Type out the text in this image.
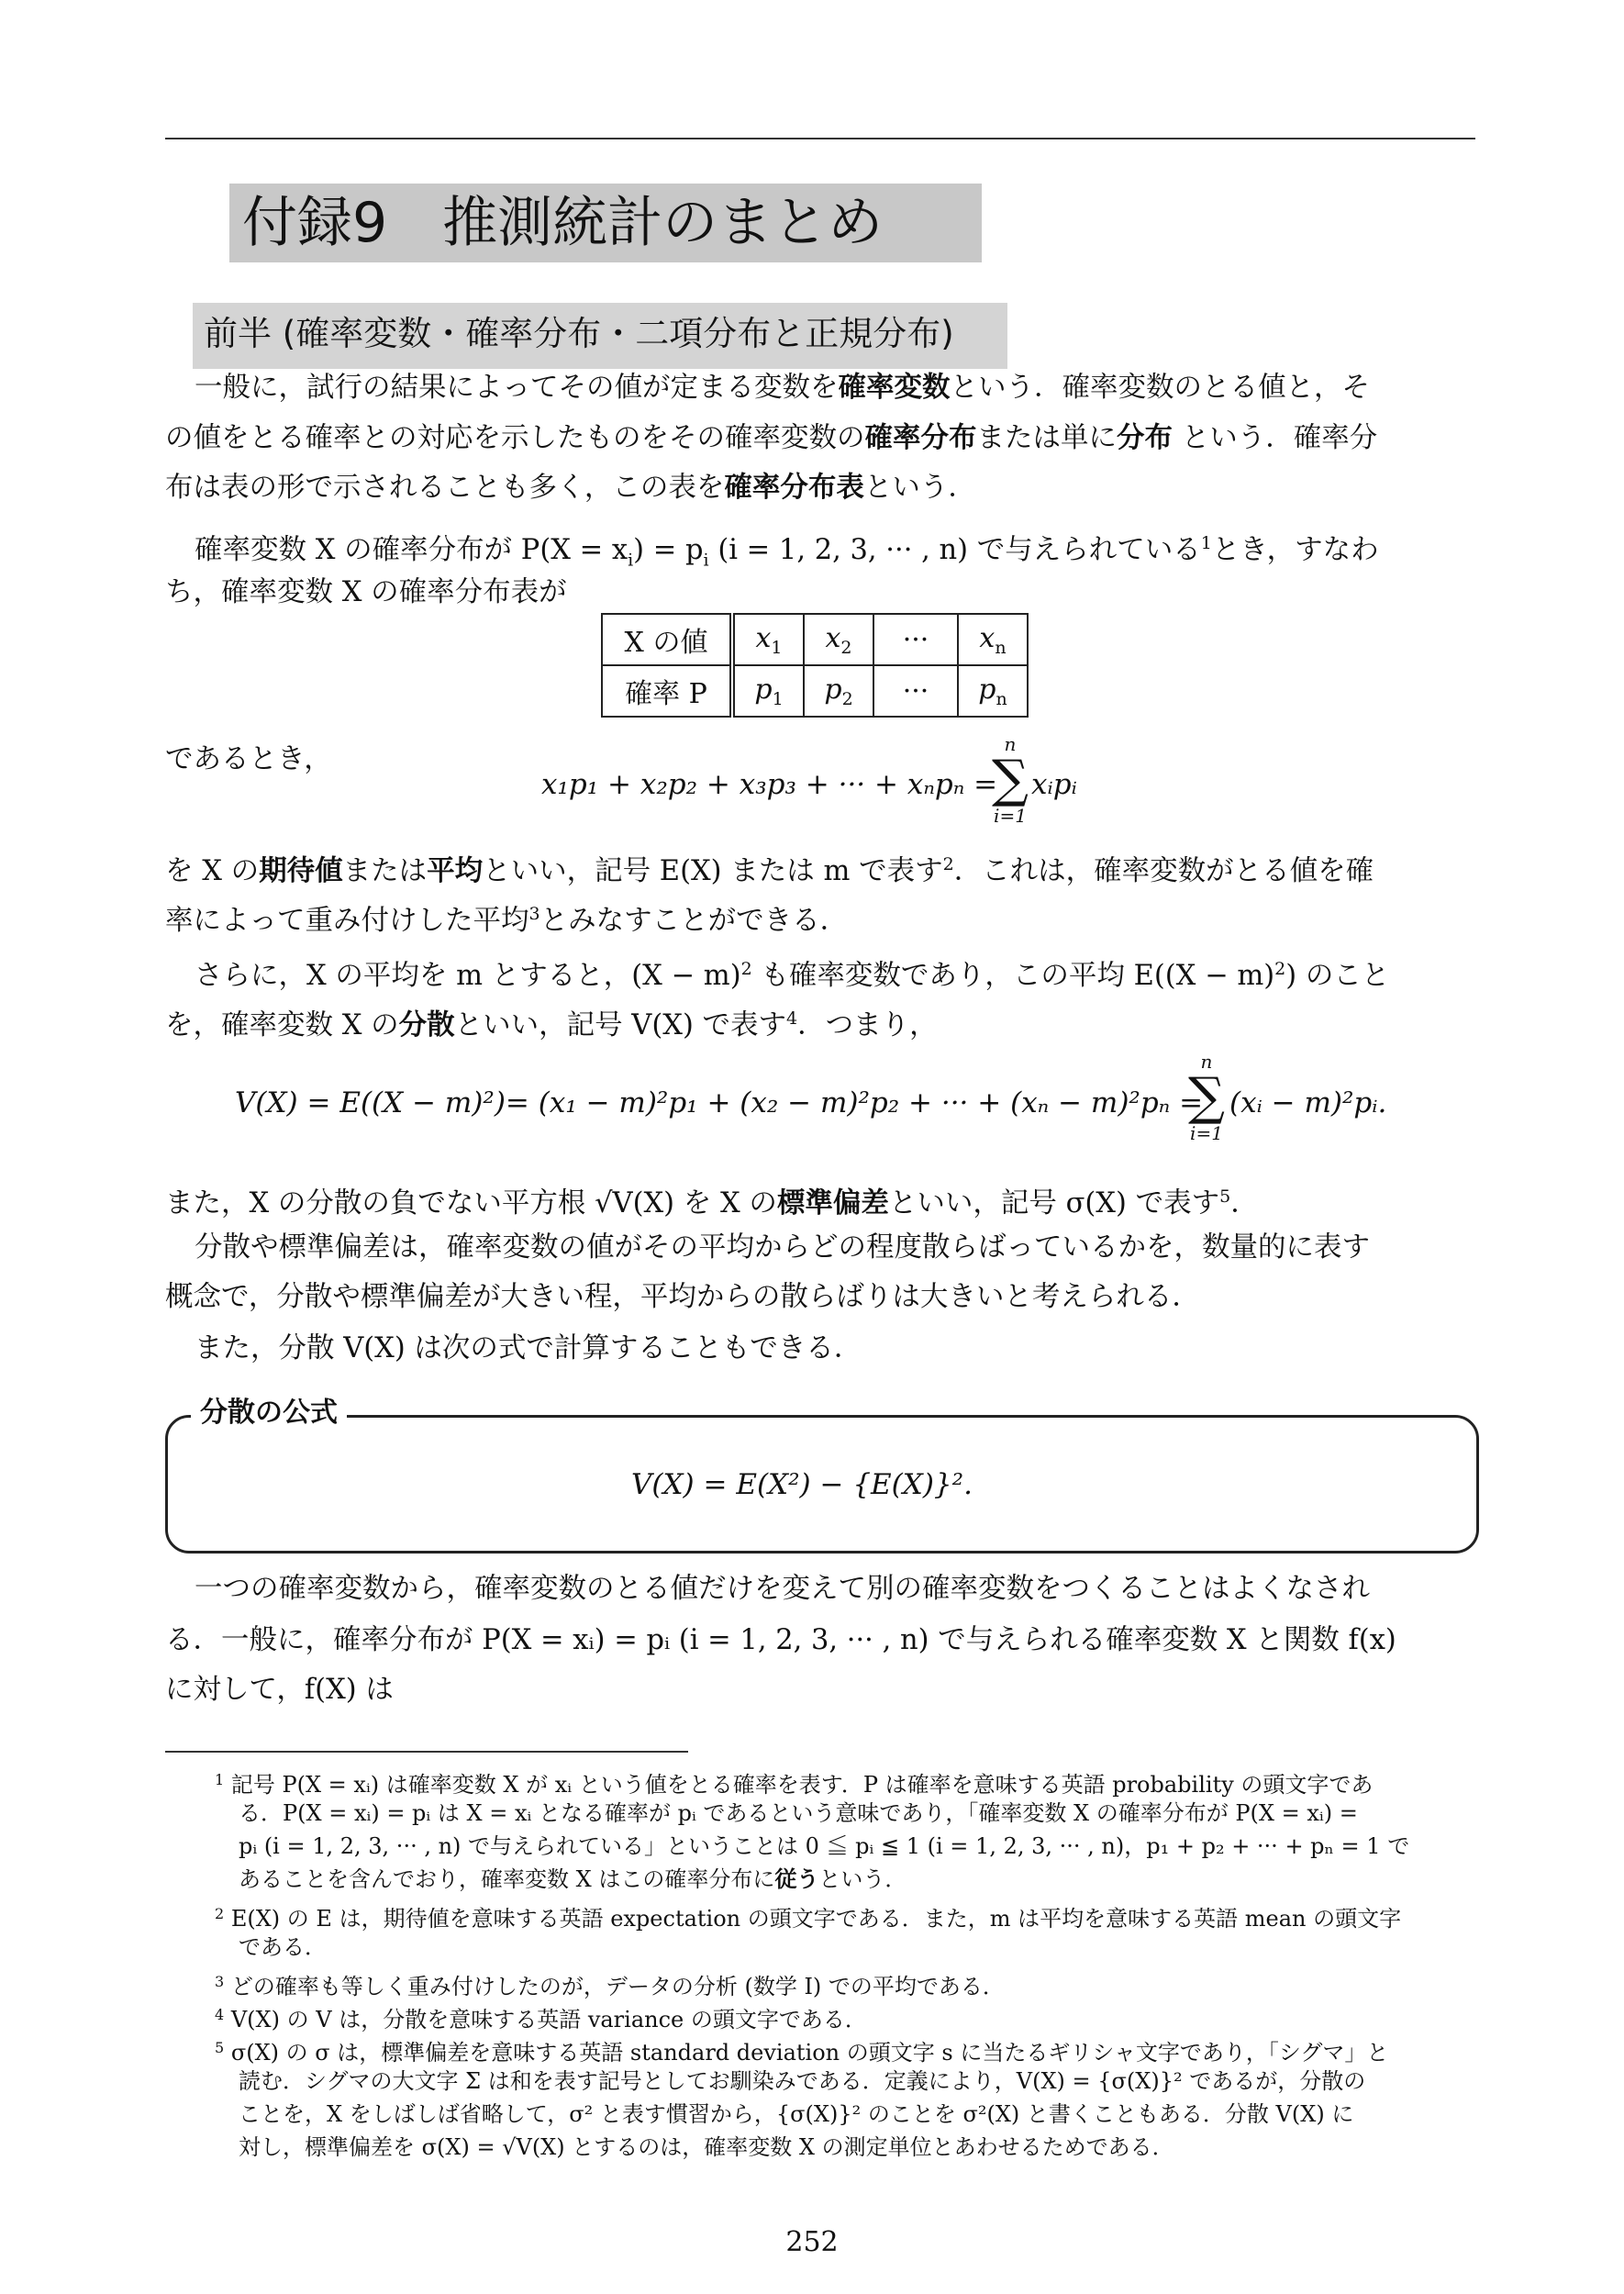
付録9　推測統計のまとめ
前半 (確率変数・確率分布・二項分布と正規分布)
一般に，試行の結果によってその値が定まる変数を確率変数という．確率変数のとる値と，そ
の値をとる確率との対応を示したものをその確率変数の確率分布または単に分布 という．確率分
布は表の形で示されることも多く，この表を確率分布表という．
確率変数 X の確率分布が $P(X = x_i) = p_i$ (i = 1, 2, 3, ··· , n) で与えられている$^1$とき，すなわ
ち，確率変数 X の確率分布表が
X の値	$x_1$	$x_2$	···	$x_n$
確率 P	$p_1$	$p_2$	···	$p_n$
であるとき，
x₁p₁ + x₂p₂ + x₃p₃ + ··· + xₙpₙ =
n
∑
i=1
xᵢpᵢ
を X の期待値または平均といい，記号 E(X) または m で表す$^2$．これは，確率変数がとる値を確
率によって重み付けした平均$^3$とみなすことができる．
さらに，X の平均を m とすると，$(X - m)^2$ も確率変数であり，この平均 $E((X - m)^2)$ のこと
を，確率変数 X の分散といい，記号 V(X) で表す$^4$．つまり，
V(X) = E((X − m)²)= (x₁ − m)²p₁ + (x₂ − m)²p₂ + ··· + (xₙ − m)²pₙ =
n
∑
i=1
(xᵢ − m)²pᵢ.
また，X の分散の負でない平方根 √V(X) を X の標準偏差といい，記号 σ(X) で表す$^5$．
分散や標準偏差は，確率変数の値がその平均からどの程度散らばっているかを，数量的に表す
概念で，分散や標準偏差が大きい程，平均からの散らばりは大きいと考えられる．
また，分散 V(X) は次の式で計算することもできる．
分散の公式
V(X) = E(X²) − {E(X)}².
一つの確率変数から，確率変数のとる値だけを変えて別の確率変数をつくることはよくなされ
る．一般に，確率分布が P(X = xᵢ) = pᵢ (i = 1, 2, 3, ··· , n) で与えられる確率変数 X と関数 f(x)
に対して，f(X) は
$^1$ 記号 P(X = xᵢ) は確率変数 X が xᵢ という値をとる確率を表す．P は確率を意味する英語 probability の頭文字であ
る．P(X = xᵢ) = pᵢ は X = xᵢ となる確率が pᵢ であるという意味であり，「確率変数 X の確率分布が P(X = xᵢ) =
pᵢ (i = 1, 2, 3, ··· , n) で与えられている」ということは 0 ≦ pᵢ ≦ 1 (i = 1, 2, 3, ··· , n)，p₁ + p₂ + ··· + pₙ = 1 で
あることを含んでおり，確率変数 X はこの確率分布に従うという．
$^2$ E(X) の E は，期待値を意味する英語 expectation の頭文字である．また，m は平均を意味する英語 mean の頭文字
である．
$^3$ どの確率も等しく重み付けしたのが，データの分析 (数学 I) での平均である．
$^4$ V(X) の V は，分散を意味する英語 variance の頭文字である．
$^5$ σ(X) の σ は，標準偏差を意味する英語 standard deviation の頭文字 s に当たるギリシャ文字であり，「シグマ」と
読む．シグマの大文字 Σ は和を表す記号としてお馴染みである．定義により，V(X) = {σ(X)}² であるが，分散の
ことを，X をしばしば省略して，σ² と表す慣習から，{σ(X)}² のことを σ²(X) と書くこともある．分散 V(X) に
対し，標準偏差を σ(X) = √V(X) とするのは，確率変数 X の測定単位とあわせるためである．
252
